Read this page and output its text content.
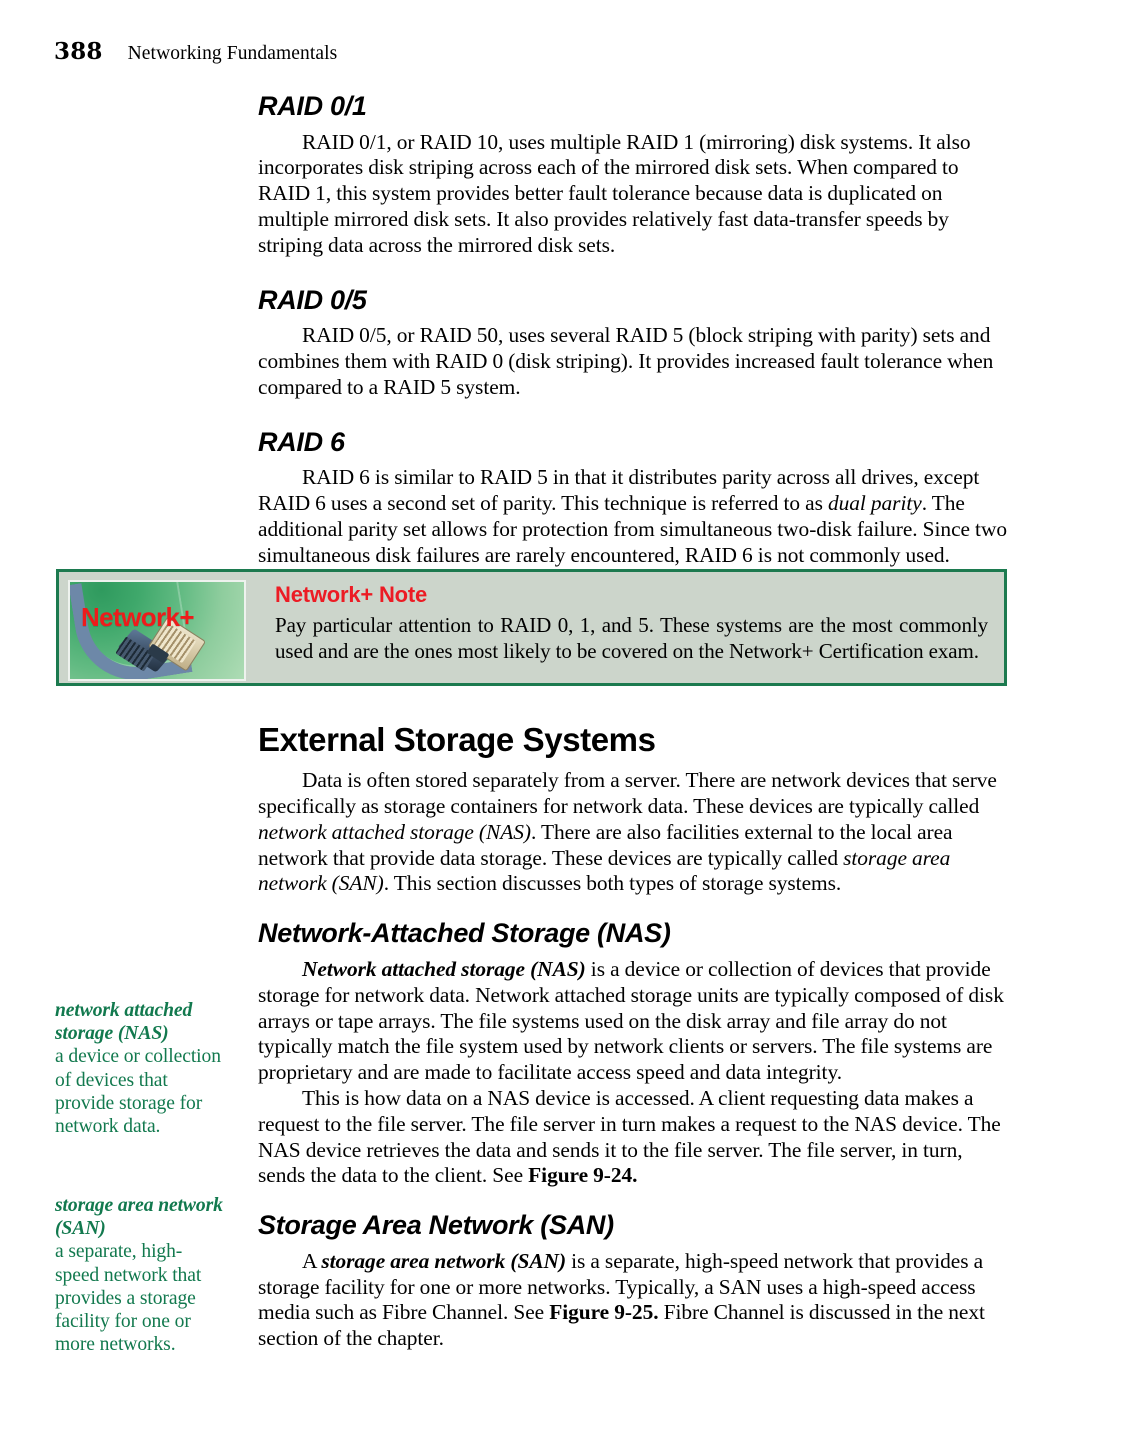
388 Networking Fundamentals
RAID 0/1

RAID 0/1, or RAID 10, uses multiple RAID 1 (mirroring) disk systems. It also incorporates disk striping across each of the mirrored disk sets. When compared to RAID 1, this system provides better fault tolerance because data is duplicated on multiple mirrored disk sets. It also provides relatively fast data-transfer speeds by striping data across the mirrored disk sets.

RAID 0/5

RAID 0/5, or RAID 50, uses several RAID 5 (block striping with parity) sets and combines them with RAID 0 (disk striping). It provides increased fault tolerance when compared to a RAID 5 system.

RAID 6

RAID 6 is similar to RAID 5 in that it distributes parity across all drives, except RAID 6 uses a second set of parity. This technique is referred to as dual parity. The additional parity set allows for protection from simultaneous two-disk failure. Since two simultaneous disk failures are rarely encountered, RAID 6 is not commonly used.

Network+
Network+ Note

Pay particular attention to RAID 0, 1, and 5. These systems are the most commonly used and are the ones most likely to be covered on the Network+ Certification exam.

External Storage Systems

Data is often stored separately from a server. There are network devices that serve specifically as storage containers for network data. These devices are typically called network attached storage (NAS). There are also facilities external to the local area network that provide data storage. These devices are typically called storage area network (SAN). This section discusses both types of storage systems.

Network-Attached Storage (NAS)

Network attached storage (NAS) is a device or collection of devices that provide storage for network data. Network attached storage units are typically composed of disk arrays or tape arrays. The file systems used on the disk array and file array do not typically match the file system used by network clients or servers. The file systems are proprietary and are made to facilitate access speed and data integrity.

This is how data on a NAS device is accessed. A client requesting data makes a request to the file server. The file server in turn makes a request to the NAS device. The NAS device retrieves the data and sends it to the file server. The file server, in turn, sends the data to the client. See Figure 9-24.

Storage Area Network (SAN)

A storage area network (SAN) is a separate, high-speed network that provides a storage facility for one or more networks. Typically, a SAN uses a high-speed access media such as Fibre Channel. See Figure 9-25. Fibre Channel is discussed in the next section of the chapter.

network attached storage (NAS)
a device or collection of devices that provide storage for network data.
storage area network (SAN)
a separate, high-speed network that provides a storage facility for one or more networks.
